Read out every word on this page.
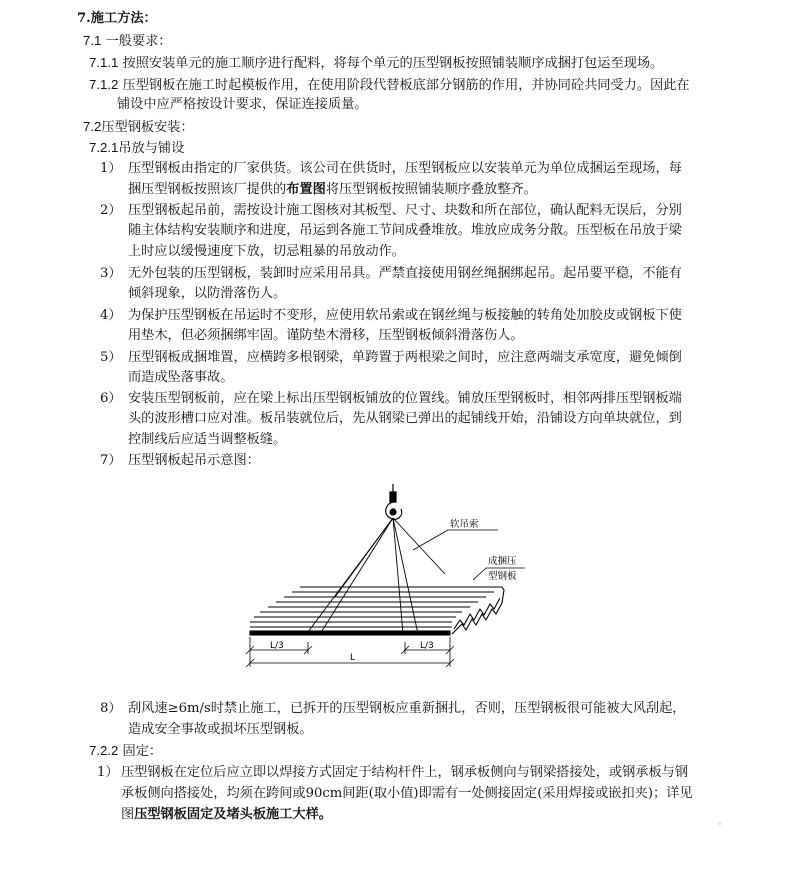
7.施工方法：
7.1 一般要求：
7.1.1 按照安装单元的施工顺序进行配料，将每个单元的压型钢板按照铺装顺序成捆打包运至现场。
7.1.2 压型钢板在施工时起模板作用，在使用阶段代替板底部分钢筋的作用，并协同砼共同受力。因此在
铺设中应严格按设计要求，保证连接质量。
7.2压型钢板安装：
7.2.1吊放与铺设
1） 压型钢板由指定的厂家供货。该公司在供货时，压型钢板应以安装单元为单位成捆运至现场，每
捆压型钢板按照该厂提供的布置图将压型钢板按照铺装顺序叠放整齐。
2） 压型钢板起吊前，需按设计施工图核对其板型、尺寸、块数和所在部位，确认配料无误后，分别
随主体结构安装顺序和进度，吊运到各施工节间成叠堆放。堆放应成务分散。压型板在吊放于梁
上时应以缓慢速度下放，切忌粗暴的吊放动作。
3） 无外包装的压型钢板，装卸时应采用吊具。严禁直接使用钢丝绳捆绑起吊。起吊要平稳，不能有
倾斜现象，以防滑落伤人。
4） 为保护压型钢板在吊运时不变形，应使用软吊索或在钢丝绳与板接触的转角处加胶皮或钢板下使
用垫木，但必须捆绑牢固。谨防垫木滑移，压型钢板倾斜滑落伤人。
5） 压型钢板成捆堆置，应横跨多根钢梁，单跨置于两根梁之间时，应注意两端支承宽度，避免倾倒
而造成坠落事故。
6） 安装压型钢板前，应在梁上标出压型钢板铺放的位置线。铺放压型钢板时，相邻两排压型钢板端
头的波形槽口应对准。板吊装就位后，先从钢梁已弹出的起铺线开始，沿铺设方向单块就位，到
控制线后应适当调整板缝。
7） 压型钢板起吊示意图：
软吊索
成捆压
型钢板
L/3	L/3
L
8） 刮风速≥6m/s时禁止施工，已拆开的压型钢板应重新捆扎，否则，压型钢板很可能被大风刮起，
造成安全事故或损坏压型钢板。
7.2.2 固定：
1） 压型钢板在定位后应立即以焊接方式固定于结构杆件上，钢承板侧向与钢梁搭接处，或钢承板与钢
承板侧向搭接处，均须在跨间或90cm间距(取小值)即需有一处侧接固定(采用焊接或嵌扣夹)；详见
图压型钢板固定及堵头板施工大样。	。
